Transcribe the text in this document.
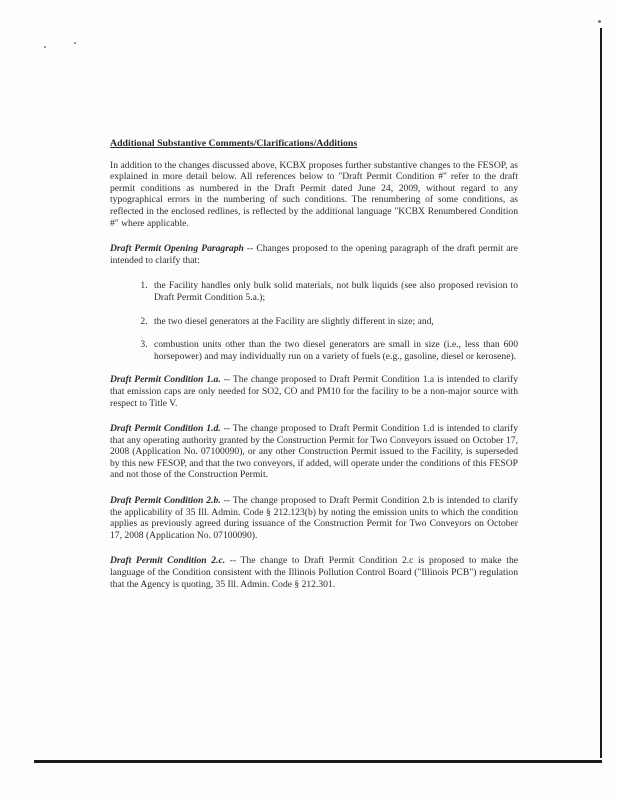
Additional Substantive Comments/Clarifications/Additions

In addition to the changes discussed above, KCBX proposes further substantive changes to the FESOP, as explained in more detail below. All references below to "Draft Permit Condition #" refer to the draft permit conditions as numbered in the Draft Permit dated June 24, 2009, without regard to any typographical errors in the numbering of such conditions. The renumbering of some conditions, as reflected in the enclosed redlines, is reflected by the additional language "KCBX Renumbered Condition #" where applicable.

Draft Permit Opening Paragraph -- Changes proposed to the opening paragraph of the draft permit are intended to clarify that:

1. the Facility handles only bulk solid materials, not bulk liquids (see also proposed revision to Draft Permit Condition 5.a.);
2. the two diesel generators at the Facility are slightly different in size; and,
3. combustion units other than the two diesel generators are small in size (i.e., less than 600 horsepower) and may individually run on a variety of fuels (e.g., gasoline, diesel or kerosene).

Draft Permit Condition 1.a. -- The change proposed to Draft Permit Condition 1.a is intended to clarify that emission caps are only needed for SO2, CO and PM10 for the facility to be a non-major source with respect to Title V.

Draft Permit Condition 1.d. -- The change proposed to Draft Permit Condition 1.d is intended to clarify that any operating authority granted by the Construction Permit for Two Conveyors issued on October 17, 2008 (Application No. 07100090), or any other Construction Permit issued to the Facility, is superseded by this new FESOP, and that the two conveyors, if added, will operate under the conditions of this FESOP and not those of the Construction Permit.

Draft Permit Condition 2.b. -- The change proposed to Draft Permit Condition 2.b is intended to clarify the applicability of 35 Ill. Admin. Code § 212.123(b) by noting the emission units to which the condition applies as previously agreed during issuance of the Construction Permit for Two Conveyors on October 17, 2008 (Application No. 07100090).

Draft Permit Condition 2.c. -- The change to Draft Permit Condition 2.c is proposed to make the language of the Condition consistent with the Illinois Pollution Control Board ("Illinois PCB") regulation that the Agency is quoting, 35 Ill. Admin. Code § 212.301.
